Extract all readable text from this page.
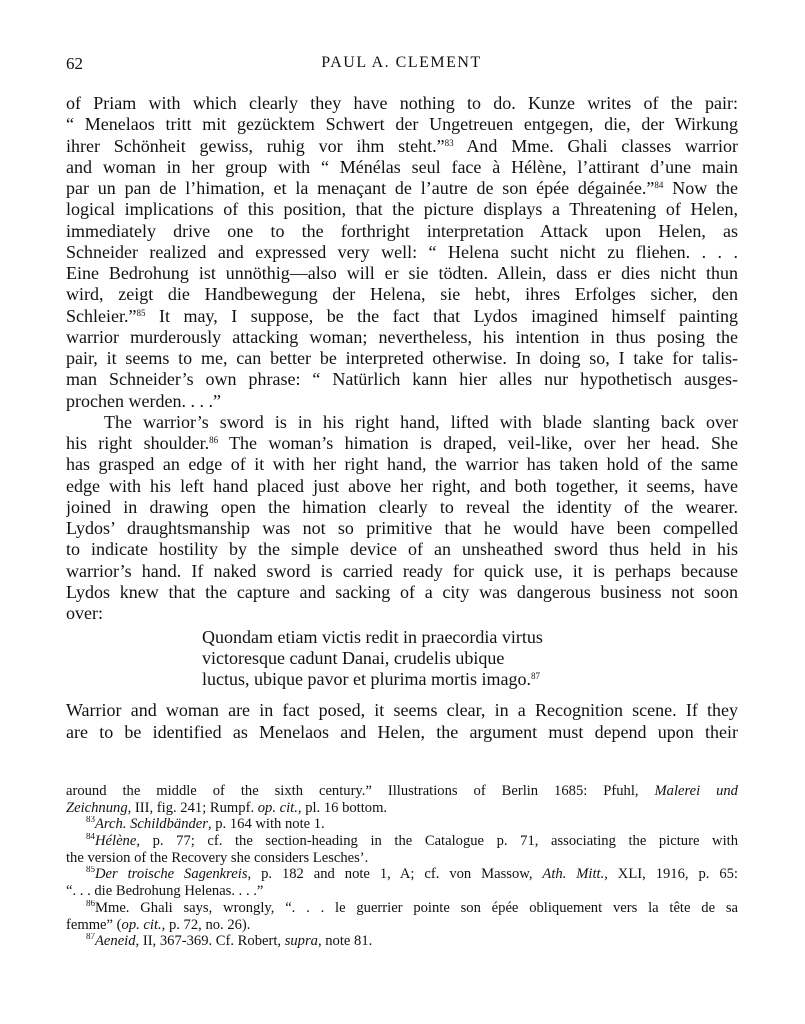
62	PAUL A. CLEMENT
of Priam with which clearly they have nothing to do. Kunze writes of the pair:
“ Menelaos tritt mit gezücktem Schwert der Ungetreuen entgegen, die, der Wirkung
ihrer Schönheit gewiss, ruhig vor ihm steht.”$^{83}$ And Mme. Ghali classes warrior
and woman in her group with “ Ménélas seul face à Hélène, l’attirant d’une main
par un pan de l’himation, et la menaçant de l’autre de son épée dégainée.”$^{84}$ Now the
logical implications of this position, that the picture displays a Threatening of Helen,
immediately drive one to the forthright interpretation Attack upon Helen, as
Schneider realized and expressed very well: “ Helena sucht nicht zu fliehen. . . .
Eine Bedrohung ist unnöthig—also will er sie tödten. Allein, dass er dies nicht thun
wird, zeigt die Handbewegung der Helena, sie hebt, ihres Erfolges sicher, den
Schleier.”$^{85}$ It may, I suppose, be the fact that Lydos imagined himself painting
warrior murderously attacking woman; nevertheless, his intention in thus posing the
pair, it seems to me, can better be interpreted otherwise. In doing so, I take for talis-
man Schneider’s own phrase: “ Natürlich kann hier alles nur hypothetisch ausges-
prochen werden. . . .”
The warrior’s sword is in his right hand, lifted with blade slanting back over
his right shoulder.$^{86}$ The woman’s himation is draped, veil-like, over her head. She
has grasped an edge of it with her right hand, the warrior has taken hold of the same
edge with his left hand placed just above her right, and both together, it seems, have
joined in drawing open the himation clearly to reveal the identity of the wearer.
Lydos’ draughtsmanship was not so primitive that he would have been compelled
to indicate hostility by the simple device of an unsheathed sword thus held in his
warrior’s hand. If naked sword is carried ready for quick use, it is perhaps because
Lydos knew that the capture and sacking of a city was dangerous business not soon
over:
Quondam etiam victis redit in praecordia virtus
victoresque cadunt Danai, crudelis ubique
luctus, ubique pavor et plurima mortis imago.$^{87}$
Warrior and woman are in fact posed, it seems clear, in a Recognition scene. If they
are to be identified as Menelaos and Helen, the argument must depend upon their
around the middle of the sixth century.” Illustrations of Berlin 1685: Pfuhl, Malerei und
Zeichnung, III, fig. 241; Rumpf. op. cit., pl. 16 bottom.
$^{83}$Arch. Schildbänder, p. 164 with note 1.
$^{84}$Hélène, p. 77; cf. the section-heading in the Catalogue p. 71, associating the picture with
the version of the Recovery she considers Lesches’.
$^{85}$Der troische Sagenkreis, p. 182 and note 1, A; cf. von Massow, Ath. Mitt., XLI, 1916, p. 65:
“. . . die Bedrohung Helenas. . . .”
$^{86}$Mme. Ghali says, wrongly, “. . . le guerrier pointe son épée obliquement vers la tête de sa
femme” (op. cit., p. 72, no. 26).
$^{87}$Aeneid, II, 367-369. Cf. Robert, supra, note 81.
